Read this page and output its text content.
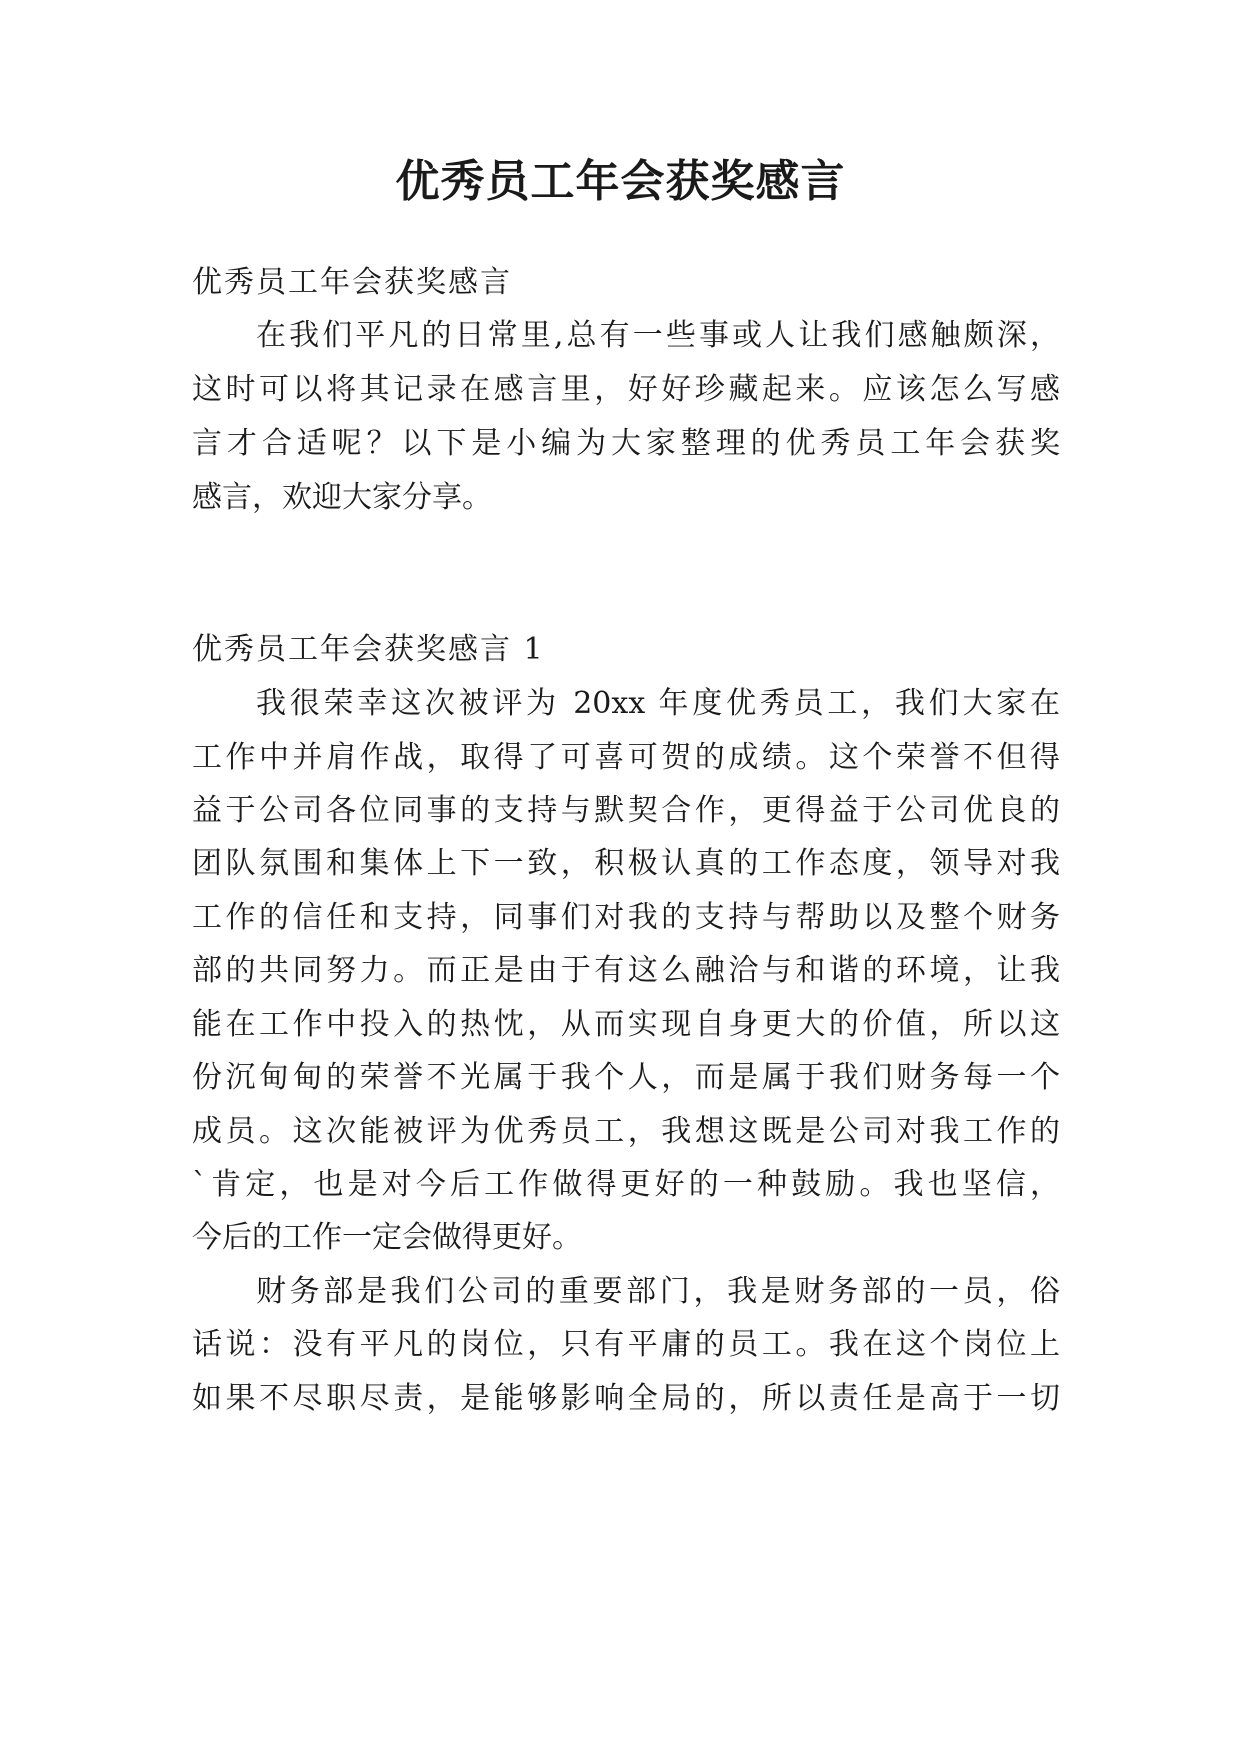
优秀员工年会获奖感言

优秀员工年会获奖感言

在我们平凡的日常里,总有一些事或人让我们感触颇深，

这时可以将其记录在感言里，好好珍藏起来。应该怎么写感

言才合适呢？以下是小编为大家整理的优秀员工年会获奖

感言，欢迎大家分享。

优秀员工年会获奖感言 1

我很荣幸这次被评为 20xx 年度优秀员工，我们大家在

工作中并肩作战，取得了可喜可贺的成绩。这个荣誉不但得

益于公司各位同事的支持与默契合作，更得益于公司优良的

团队氛围和集体上下一致，积极认真的工作态度，领导对我

工作的信任和支持，同事们对我的支持与帮助以及整个财务

部的共同努力。而正是由于有这么融洽与和谐的环境，让我

能在工作中投入的热忱，从而实现自身更大的价值，所以这

份沉甸甸的荣誉不光属于我个人，而是属于我们财务每一个

成员。这次能被评为优秀员工，我想这既是公司对我工作的

`肯定，也是对今后工作做得更好的一种鼓励。我也坚信，

今后的工作一定会做得更好。

财务部是我们公司的重要部门，我是财务部的一员，俗

话说：没有平凡的岗位，只有平庸的员工。我在这个岗位上

如果不尽职尽责，是能够影响全局的，所以责任是高于一切
